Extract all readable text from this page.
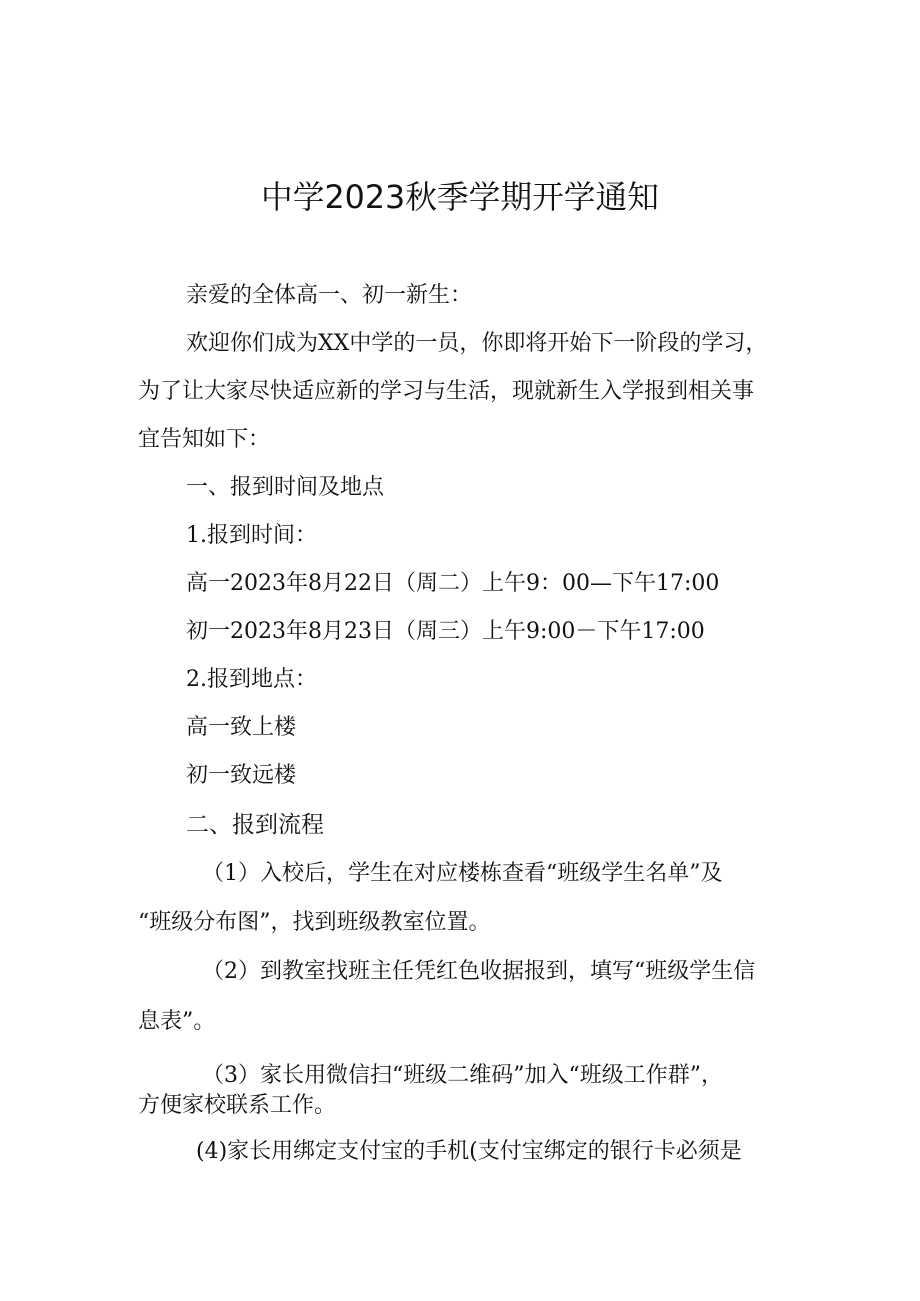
中学2023秋季学期开学通知

亲爱的全体高一、初一新生：

欢迎你们成为XX中学的一员，你即将开始下一阶段的学习，

为了让大家尽快适应新的学习与生活，现就新生入学报到相关事

宜告知如下：

一、报到时间及地点

1.报到时间：

高一2023年8月22日（周二）上午9：00—下午17:00

初一2023年8月23日（周三）上午9:00－下午17:00

2.报到地点：

高一致上楼

初一致远楼

二、报到流程

（1）入校后，学生在对应楼栋查看“班级学生名单”及

“班级分布图”，找到班级教室位置。

（2）到教室找班主任凭红色收据报到，填写“班级学生信

息表”。

（3）家长用微信扫“班级二维码”加入“班级工作群”，

方便家校联系工作。

(4)家长用绑定支付宝的手机(支付宝绑定的银行卡必须是
